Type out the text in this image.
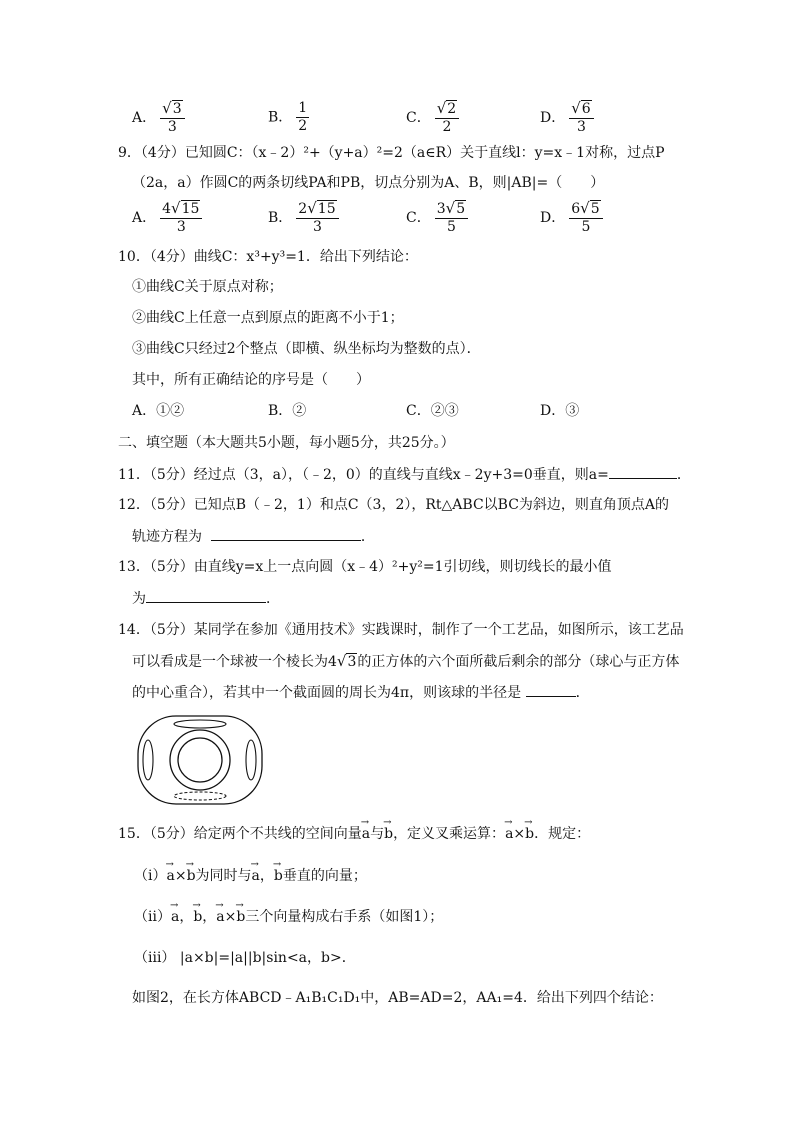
A． $\frac{√3}{3}$	B． $\frac{1}{2}$	C． $\frac{√2}{2}$	D． $\frac{√6}{3}$
9．（4分）已知圆C：（x﹣2）²+（y+a）²=2（a∈R）关于直线l：y=x﹣1对称，过点P
（2a，a）作圆C的两条切线PA和PB，切点分别为A、B，则|AB|=（　　）
A． $\frac{4√15}{3}$	B． $\frac{2√15}{3}$	C． $\frac{3√5}{5}$	D． $\frac{6√5}{5}$
10．（4分）曲线C：x³+y³=1．给出下列结论：
①曲线C关于原点对称；
②曲线C上任意一点到原点的距离不小于1；
③曲线C只经过2个整点（即横、纵坐标均为整数的点）．
其中，所有正确结论的序号是（　　）
A．①②	B．②	C．②③	D．③
二、填空题（本大题共5小题，每小题5分，共25分。）
11．（5分）经过点（3，a），（﹣2，0）的直线与直线x﹣2y+3=0垂直，则a=	．
12．（5分）已知点B（﹣2，1）和点C（3，2），Rt△ABC以BC为斜边，则直角顶点A的
轨迹方程为	．
13．（5分）由直线y=x上一点向圆（x﹣4）²+y²=1引切线，则切线长的最小值
为	．
14．（5分）某同学在参加《通用技术》实践课时，制作了一个工艺品，如图所示，该工艺品
可以看成是一个球被一个棱长为4√3的正方体的六个面所截后剩余的部分（球心与正方体
的中心重合），若其中一个截面圆的周长为4π，则该球的半径是	．
15．（5分）给定两个不共线的空间向量→ a与→ b，定义叉乘运算：→ a×→ b．规定：
（ⅰ）→ a×→ b为同时与→ a，→ b垂直的向量；
（ⅱ）→ a，→ b，→ a×→ b三个向量构成右手系（如图1）；
（ⅲ） |a×b|=|a||b|sin<a，b>．
如图2，在长方体ABCD﹣A₁B₁C₁D₁中，AB=AD=2，AA₁=4．给出下列四个结论：
